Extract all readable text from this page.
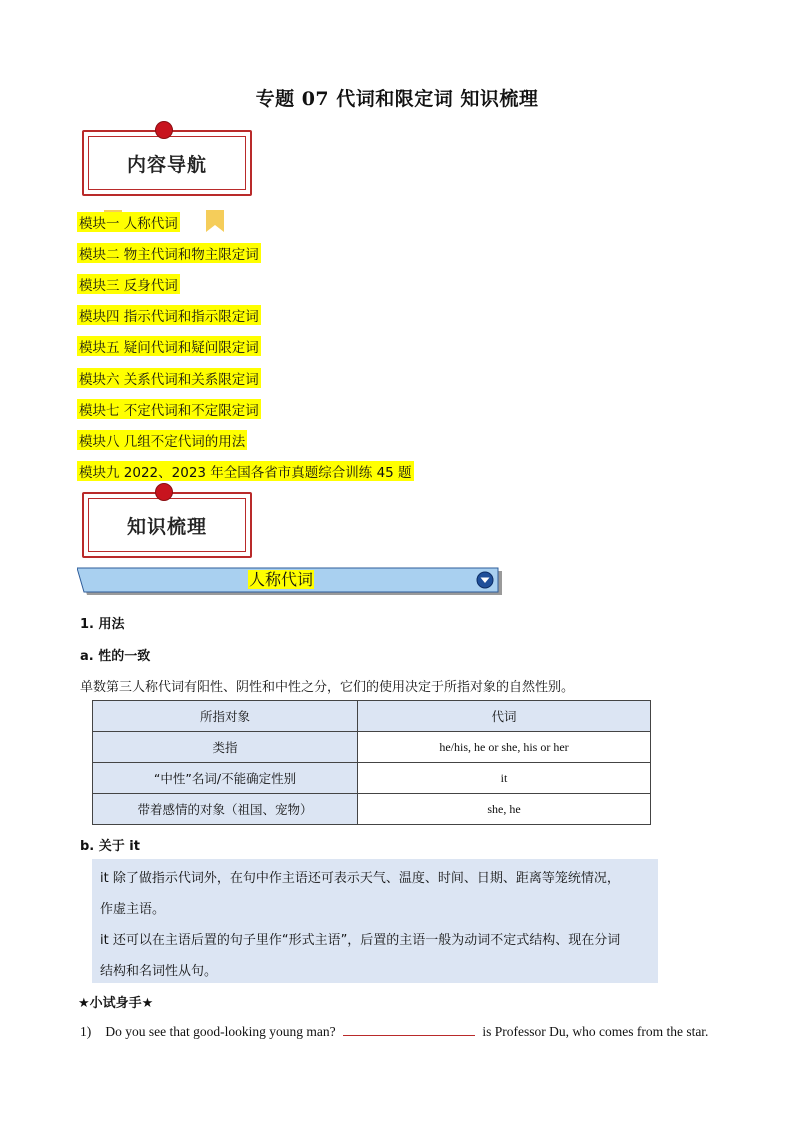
专题 07 代词和限定词 知识梳理
内容导航
模块一 人称代词
模块二 物主代词和物主限定词
模块三 反身代词
模块四 指示代词和指示限定词
模块五 疑问代词和疑问限定词
模块六 关系代词和关系限定词
模块七 不定代词和不定限定词
模块八 几组不定代词的用法
模块九 2022、2023 年全国各省市真题综合训练 45 题
知识梳理
人称代词
1. 用法
a. 性的一致
单数第三人称代词有阳性、阴性和中性之分，它们的使用决定于所指对象的自然性别。
所指对象	代词
类指	he/his, he or she, his or her
“中性”名词/不能确定性别	it
带着感情的对象（祖国、宠物）	she, he
b. 关于 it
it 除了做指示代词外，在句中作主语还可表示天气、温度、时间、日期、距离等笼统情况，
作虚主语。
it 还可以在主语后置的句子里作“形式主语”，后置的主语一般为动词不定式结构、现在分词
结构和名词性从句。
★小试身手★
1) Do you see that good-looking young man?	is Professor Du, who comes from the star.
